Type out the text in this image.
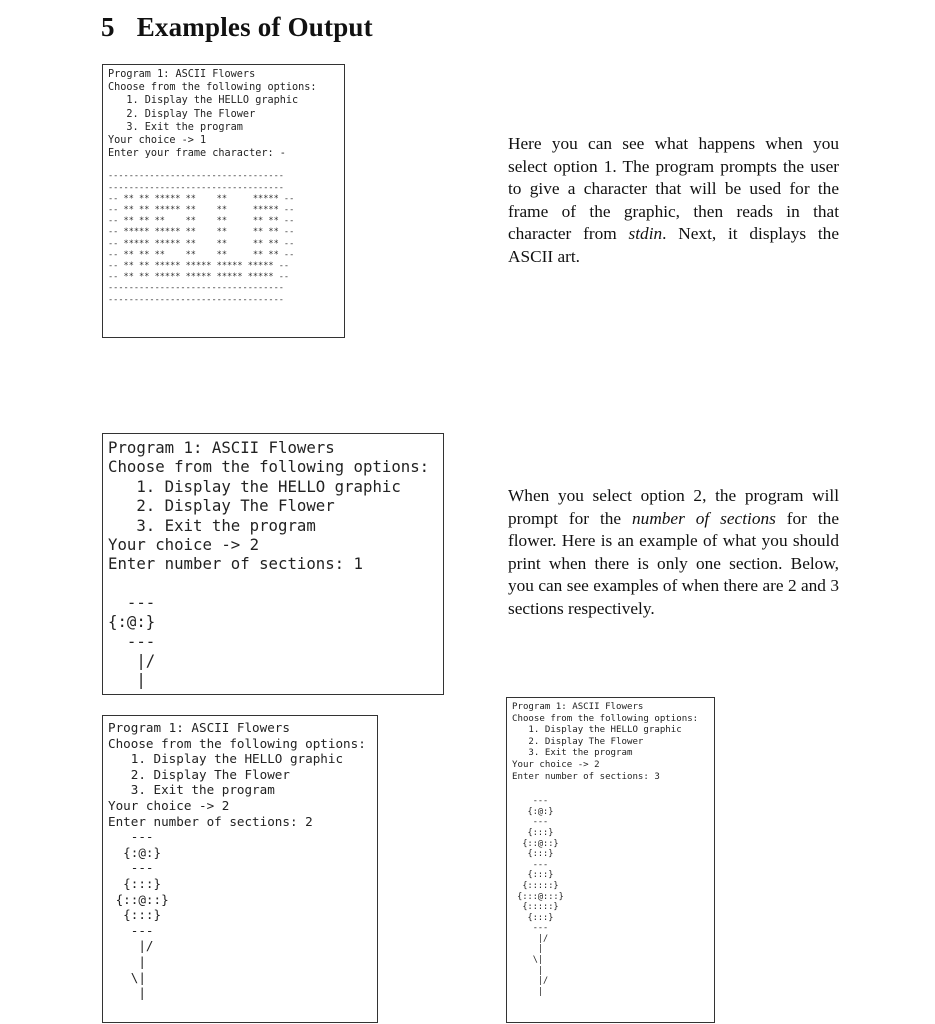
5 Examples of Output
Program 1: ASCII Flowers
Choose from the following options:
1. Display the HELLO graphic
2. Display The Flower
3. Exit the program
Your choice -> 1
Enter your frame character: -
----------------------------------
----------------------------------
-- ** ** ***** **    **     ***** --
-- ** ** ***** **    **     ***** --
-- ** ** **    **    **     ** ** --
-- ***** ***** **    **     ** ** --
-- ***** ***** **    **     ** ** --
-- ** ** **    **    **     ** ** --
-- ** ** ***** ***** ***** ***** --
-- ** ** ***** ***** ***** ***** --
----------------------------------
----------------------------------

Here you can see what happens when you select option 1. The program prompts the user to give a character that will be used for the frame of the graphic, then reads in that character from stdin. Next, it displays the ASCII art.

Program 1: ASCII Flowers
Choose from the following options:
1. Display the HELLO graphic
2. Display The Flower
3. Exit the program
Your choice -> 2
Enter number of sections: 1
---
{:@:}
---
|/
|

When you select option 2, the program will prompt for the number of sections for the flower. Here is an example of what you should print when there is only one section. Below, you can see examples of when there are 2 and 3 sections respectively.

Program 1: ASCII Flowers
Choose from the following options:
1. Display the HELLO graphic
2. Display The Flower
3. Exit the program
Your choice -> 2
Enter number of sections: 2
---
{:@:}
---
{:::}
{::@::}
{:::}
---
|/
|
\|
|
Program 1: ASCII Flowers
Choose from the following options:
1. Display the HELLO graphic
2. Display The Flower
3. Exit the program
Your choice -> 2
Enter number of sections: 3
---
{:@:}
---
{:::}
{::@::}
{:::}
---
{:::}
{:::::}
{:::@:::}
{:::::}
{:::}
---
|/
|
\|
|
|/
|
